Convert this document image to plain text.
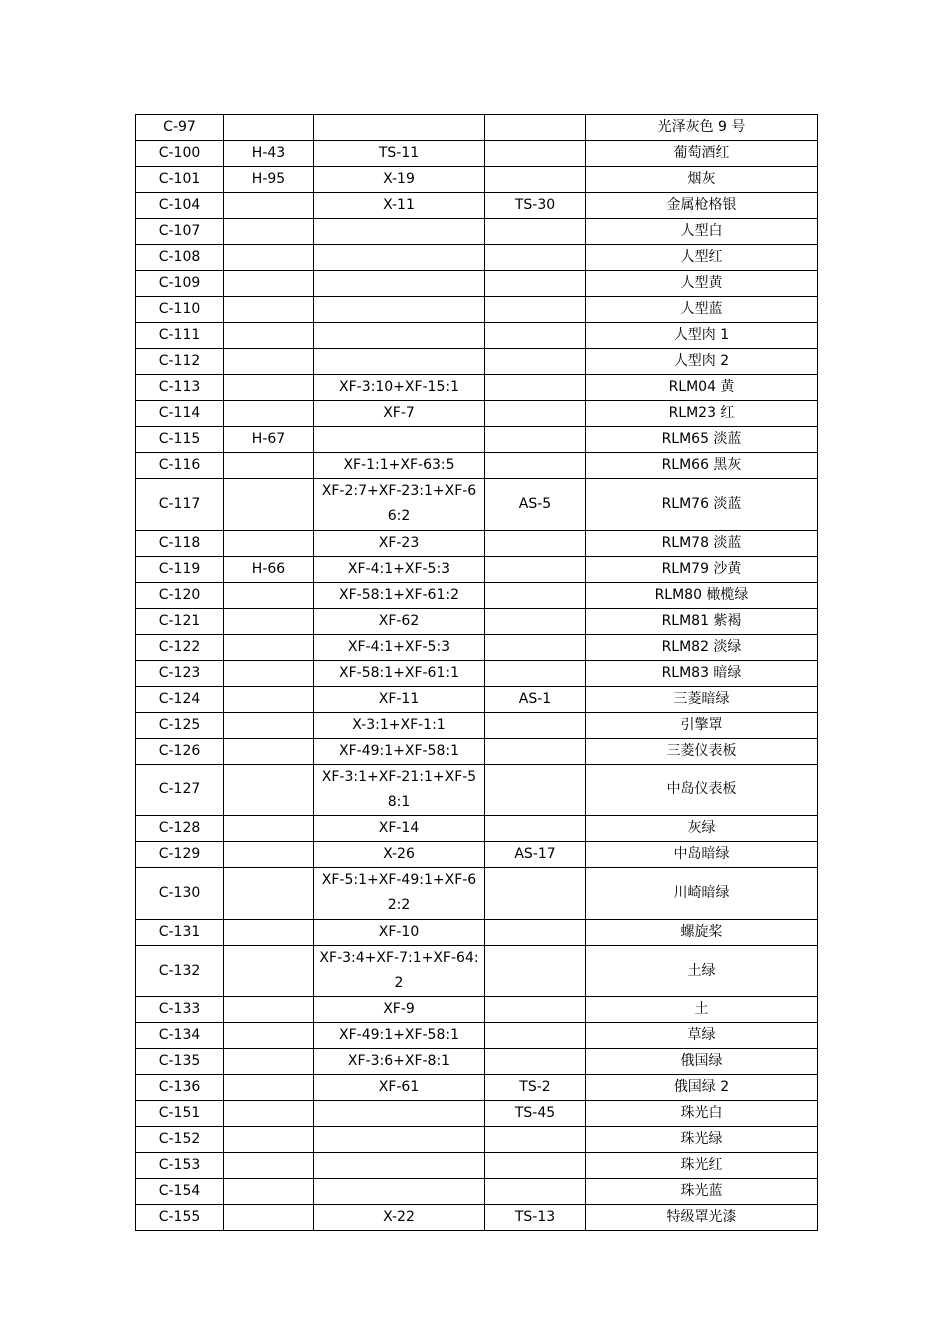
C-97				光泽灰色 9 号
C-100	H-43	TS-11		葡萄酒红
C-101	H-95	X-19		烟灰
C-104		X-11	TS-30	金属枪格银
C-107				人型白
C-108				人型红
C-109				人型黄
C-110				人型蓝
C-111				人型肉 1
C-112				人型肉 2
C-113		XF-3:10+XF-15:1		RLM04 黄
C-114		XF-7		RLM23 红
C-115	H-67			RLM65 淡蓝
C-116		XF-1:1+XF-63:5		RLM66 黑灰
C-117		XF-2:7+XF-23:1+XF-66:2	AS-5	RLM76 淡蓝
C-118		XF-23		RLM78 淡蓝
C-119	H-66	XF-4:1+XF-5:3		RLM79 沙黄
C-120		XF-58:1+XF-61:2		RLM80 橄榄绿
C-121		XF-62		RLM81 紫褐
C-122		XF-4:1+XF-5:3		RLM82 淡绿
C-123		XF-58:1+XF-61:1		RLM83 暗绿
C-124		XF-11	AS-1	三菱暗绿
C-125		X-3:1+XF-1:1		引擎罩
C-126		XF-49:1+XF-58:1		三菱仪表板
C-127		XF-3:1+XF-21:1+XF-58:1		中岛仪表板
C-128		XF-14		灰绿
C-129		X-26	AS-17	中岛暗绿
C-130		XF-5:1+XF-49:1+XF-62:2		川崎暗绿
C-131		XF-10		螺旋桨
C-132		XF-3:4+XF-7:1+XF-64:2		土绿
C-133		XF-9		土
C-134		XF-49:1+XF-58:1		草绿
C-135		XF-3:6+XF-8:1		俄国绿
C-136		XF-61	TS-2	俄国绿 2
C-151			TS-45	珠光白
C-152				珠光绿
C-153				珠光红
C-154				珠光蓝
C-155		X-22	TS-13	特级罩光漆
